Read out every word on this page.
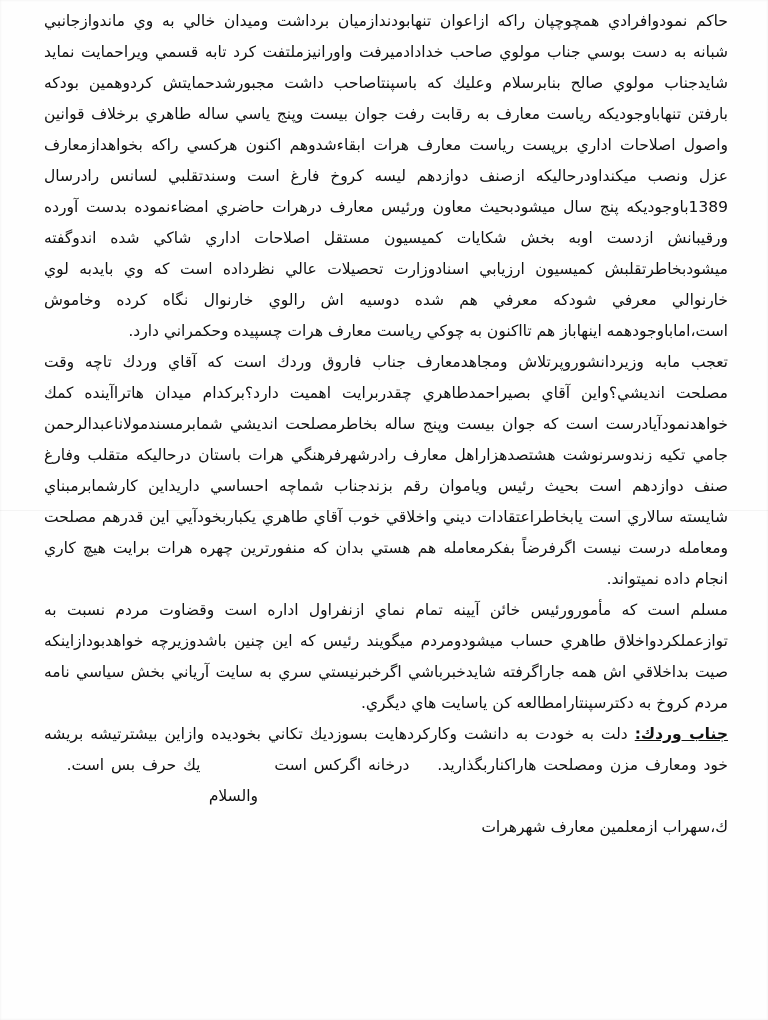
حاکم نمودوافرادي همچوچپان راکه ازاعوان تنهابودندازميان برداشت وميدان خالي به وي ماندوازجانبي
شبانه به دست بوسي جناب مولوي صاحب خدادادميرفت واورانيزملتفت کرد تابه قسمي ويراحمايت نمايد
شايدجناب مولوي صالح بنابرسلام وعليك که باسپنتاصاحب داشت مجبورشدحمايتش کردوهمين بودکه
بارفتن تنهاباوجوديکه رياست معارف به رقابت رفت جوان بيست وپنج ياسي ساله طاهري برخلاف قوانين
واصول اصلاحات اداري برپست رياست معارف هرات ابقاءشدوهم اکنون هرکسي راکه بخواهدازمعارف
عزل ونصب ميکنداودرحاليکه ازصنف دوازدهم ليسه کروخ فارغ است وسندتقلبي لسانس رادرسال
1389باوجوديکه پنج سال ميشودبحيث معاون ورئيس معارف درهرات حاضري امضاءنموده بدست آورده
ورقيبانش ازدست اوبه بخش شکايات کميسيون مستقل اصلاحات اداري شاکي شده اندوگفته
ميشودبخاطرتقلبش کميسيون ارزيابي اسنادوزارت تحصيلات عالي نظرداده است که وي بايدبه لوي
خارنوالي معرفي شودکه معرفي هم شده دوسيه اش رالوي خارنوال نگاه کرده وخاموش
است،اماباوجودهمه اينهاباز هم تااکنون به چوکي رياست معارف هرات چسپيده وحکمراني دارد.
تعجب مابه وزيردانشوروپرتلاش ومجاهدمعارف جناب فاروق وردك است که آقاي وردك تاچه وقت
مصلحت انديشي؟واين آقاي بصيراحمدطاهري چقدربرايت اهميت دارد؟برکدام ميدان هاتراآينده کمك
خواهدنمودآيادرست است که جوان بيست وپنج ساله بخاطرمصلحت انديشي شمابرمسندمولاناعبدالرحمن
جامي تکيه زندوسرنوشت هشتصدهزاراهل معارف رادرشهرفرهنگي هرات باستان درحاليکه متقلب وفارغ
صنف دوازدهم است بحيث رئيس وياموان رقم بزندجناب شماچه احساسي داريداين کارشمابرمبناي
شايسته سالاري است يابخاطراعتقادات ديني واخلاقي خوب آقاي طاهري يکباربخودآيي اين قدرهم مصلحت
ومعامله درست نيست اگرفرضاً بفکرمعامله هم هستي بدان که منفورترين چهره هرات برايت هيچ کاري
انجام داده نميتواند.
مسلم است که مأمورورئيس خائن آيينه تمام نماي ازنفراول اداره است وقضاوت مردم نسبت به
توازعملکردواخلاق طاهري حساب ميشودومردم ميگويند رئيس که اين چنين باشدوزيرچه خواهدبودازاينکه
صيت بداخلاقي اش همه جاراگرفته شايدخبرباشي اگرخبرنيستي سري به سايت آرياني بخش سياسي نامه
مردم کروخ به دکترسپنتارامطالعه کن ياسايت هاي ديگري.
جناب وردك: دلت به خودت به دانشت وکارکردهايت بسوزديك تکاني بخوديده وازاين بيشترتيشه بريشه
خود ومعارف مزن ومصلحت هاراکناربگذاريد.  درخانه اگرکس است  يك حرف بس است.
والسلام
ك،سهراب ازمعلمين معارف شهرهرات
